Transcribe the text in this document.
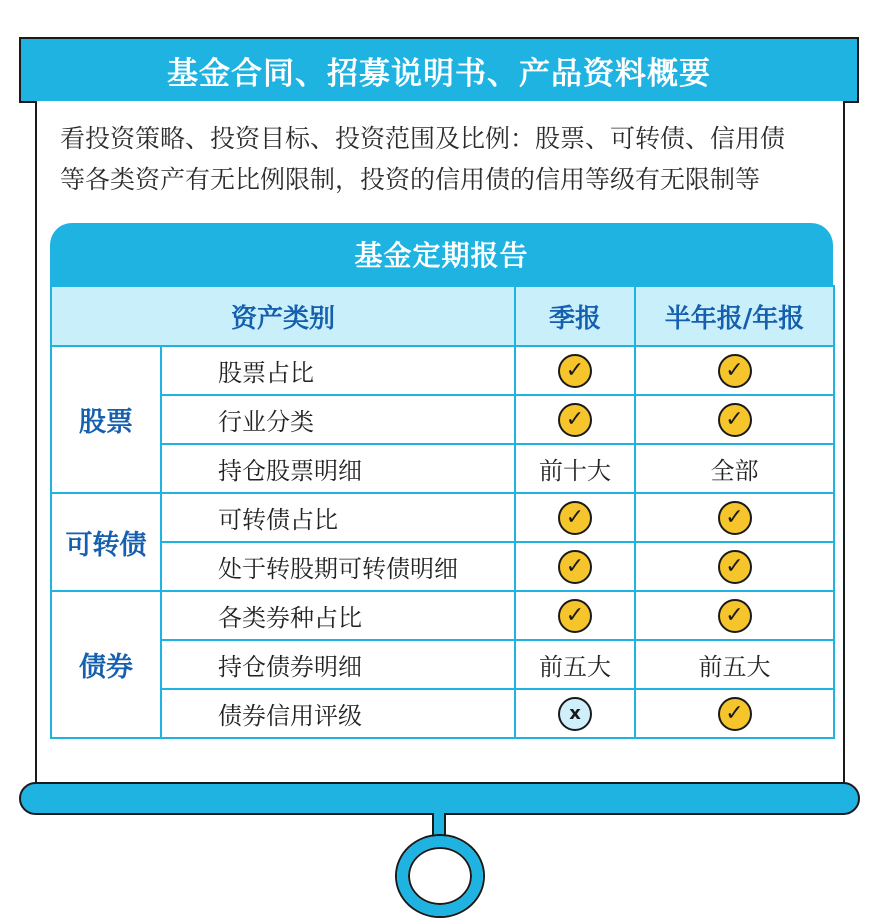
基金合同、招募说明书、产品资料概要
看投资策略、投资目标、投资范围及比例：股票、可转债、信用债
等各类资产有无比例限制，投资的信用债的信用等级有无限制等
基金定期报告
资产类别		季报	半年报/年报
股票	股票占比	✓	✓
	行业分类	✓	✓
	持仓股票明细	前十大	全部
可转债	可转债占比	✓	✓
	处于转股期可转债明细	✓	✓
债券	各类券种占比	✓	✓
	持仓债券明细	前五大	前五大
	债券信用评级	x	✓
